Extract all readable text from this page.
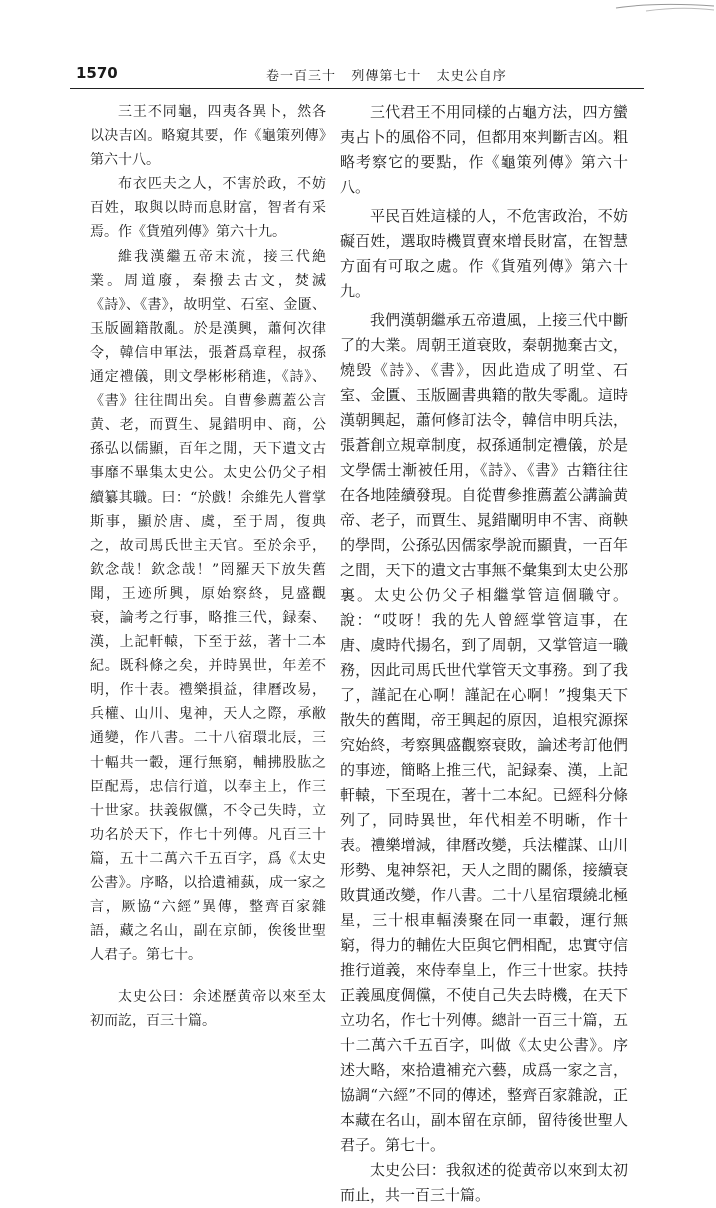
1570	卷一百三十   列傳第七十   太史公自序

三王不同龜，四夷各異卜，然各以决吉凶。略窺其要，作《龜策列傳》第六十八。

布衣匹夫之人，不害於政，不妨百姓，取與以時而息財富，智者有采焉。作《貨殖列傳》第六十九。

維我漢繼五帝末流，接三代絶業。周道廢，秦撥去古文，焚滅《詩》、《書》，故明堂、石室、金匱、玉版圖籍散亂。於是漢興，蕭何次律令，韓信申軍法，張蒼爲章程，叔孫通定禮儀，則文學彬彬稍進，《詩》、《書》往往間出矣。自曹參薦蓋公言黄、老，而賈生、晁錯明申、商，公孫弘以儒顯，百年之閒，天下遺文古事靡不畢集太史公。太史公仍父子相續纂其職。曰：“於戲！余維先人嘗掌斯事，顯於唐、虞，至于周，復典之，故司馬氏世主天官。至於余乎，欽念哉！欽念哉！”罔羅天下放失舊聞，王迹所興，原始察終，見盛觀衰，論考之行事，略推三代，録秦、漢，上記軒轅，下至于兹，著十二本紀。既科條之矣，并時異世，年差不明，作十表。禮樂損益，律曆改易，兵權、山川、鬼神，天人之際，承敝通變，作八書。二十八宿環北辰，三十輻共一轂，運行無窮，輔拂股肱之臣配焉，忠信行道，以奉主上，作三十世家。扶義俶儻，不令己失時，立功名於天下，作七十列傳。凡百三十篇，五十二萬六千五百字，爲《太史公書》。序略，以拾遺補蓺，成一家之言，厥協“六經”異傳，整齊百家雜語，藏之名山，副在京師，俟後世聖人君子。第七十。

太史公曰：余述歷黄帝以來至太初而訖，百三十篇。

三代君王不用同樣的占龜方法，四方蠻夷占卜的風俗不同，但都用來判斷吉凶。粗略考察它的要點，作《龜策列傳》第六十八。

平民百姓這樣的人，不危害政治，不妨礙百姓，選取時機買賣來增長財富，在智慧方面有可取之處。作《貨殖列傳》第六十九。

我們漢朝繼承五帝遺風，上接三代中斷了的大業。周朝王道衰敗，秦朝拋棄古文，燒毁《詩》、《書》，因此造成了明堂、石室、金匱、玉版圖書典籍的散失零亂。這時漢朝興起，蕭何修訂法令，韓信申明兵法，張蒼創立規章制度，叔孫通制定禮儀，於是文學儒士漸被任用，《詩》、《書》古籍往往在各地陸續發現。自從曹參推薦蓋公講論黄帝、老子，而賈生、晁錯闡明申不害、商鞅的學問，公孫弘因儒家學說而顯貴，一百年之間，天下的遺文古事無不彙集到太史公那裏。太史公仍父子相繼掌管這個職守。說：“哎呀！我的先人曾經掌管這事，在唐、虞時代揚名，到了周朝，又掌管這一職務，因此司馬氏世代掌管天文事務。到了我了，謹記在心啊！謹記在心啊！”搜集天下散失的舊聞，帝王興起的原因，追根究源探究始終，考察興盛觀察衰敗，論述考訂他們的事迹，簡略上推三代，記録秦、漢，上記軒轅，下至現在，著十二本紀。已經科分條列了，同時異世，年代相差不明晰，作十表。禮樂增減，律曆改變，兵法權謀、山川形勢、鬼神祭祀，天人之間的關係，接續衰敗貫通改變，作八書。二十八星宿環繞北極星，三十根車輻湊聚在同一車轂，運行無窮，得力的輔佐大臣與它們相配，忠實守信推行道義，來侍奉皇上，作三十世家。扶持正義風度倜儻，不使自己失去時機，在天下立功名，作七十列傳。總計一百三十篇，五十二萬六千五百字，叫做《太史公書》。序述大略，來拾遺補充六藝，成爲一家之言，協調“六經”不同的傳述，整齊百家雜說，正本藏在名山，副本留在京師，留待後世聖人君子。第七十。

太史公曰：我叙述的從黄帝以來到太初而止，共一百三十篇。
